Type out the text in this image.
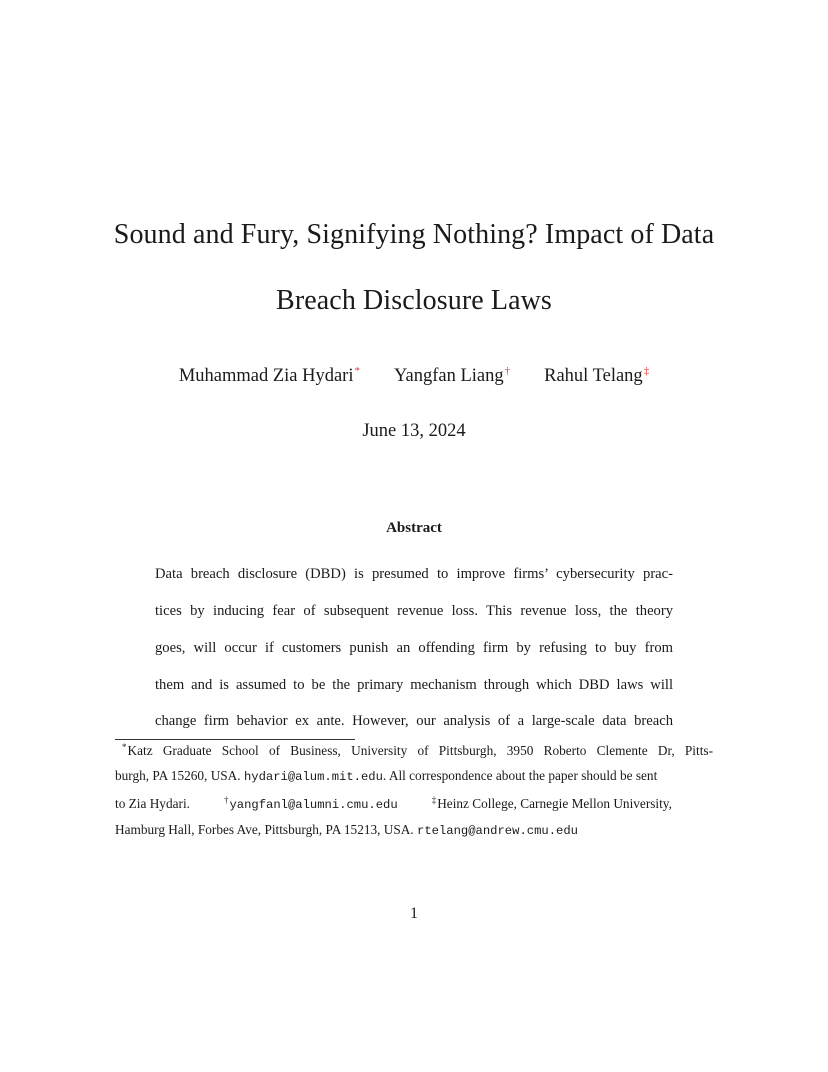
Sound and Fury, Signifying Nothing? Impact of Data
Breach Disclosure Laws
Muhammad Zia Hydari* Yangfan Liang† Rahul Telang‡
June 13, 2024
Abstract
Data breach disclosure (DBD) is presumed to improve firms’ cybersecurity prac-
tices by inducing fear of subsequent revenue loss. This revenue loss, the theory
goes, will occur if customers punish an offending firm by refusing to buy from
them and is assumed to be the primary mechanism through which DBD laws will
change firm behavior ex ante. However, our analysis of a large-scale data breach
*Katz Graduate School of Business, University of Pittsburgh, 3950 Roberto Clemente Dr, Pitts-
burgh, PA 15260, USA. hydari@alum.mit.edu. All correspondence about the paper should be sent
to Zia Hydari.	†yangfanl@alumni.cmu.edu	‡Heinz College, Carnegie Mellon University,
Hamburg Hall, Forbes Ave, Pittsburgh, PA 15213, USA. rtelang@andrew.cmu.edu
1
